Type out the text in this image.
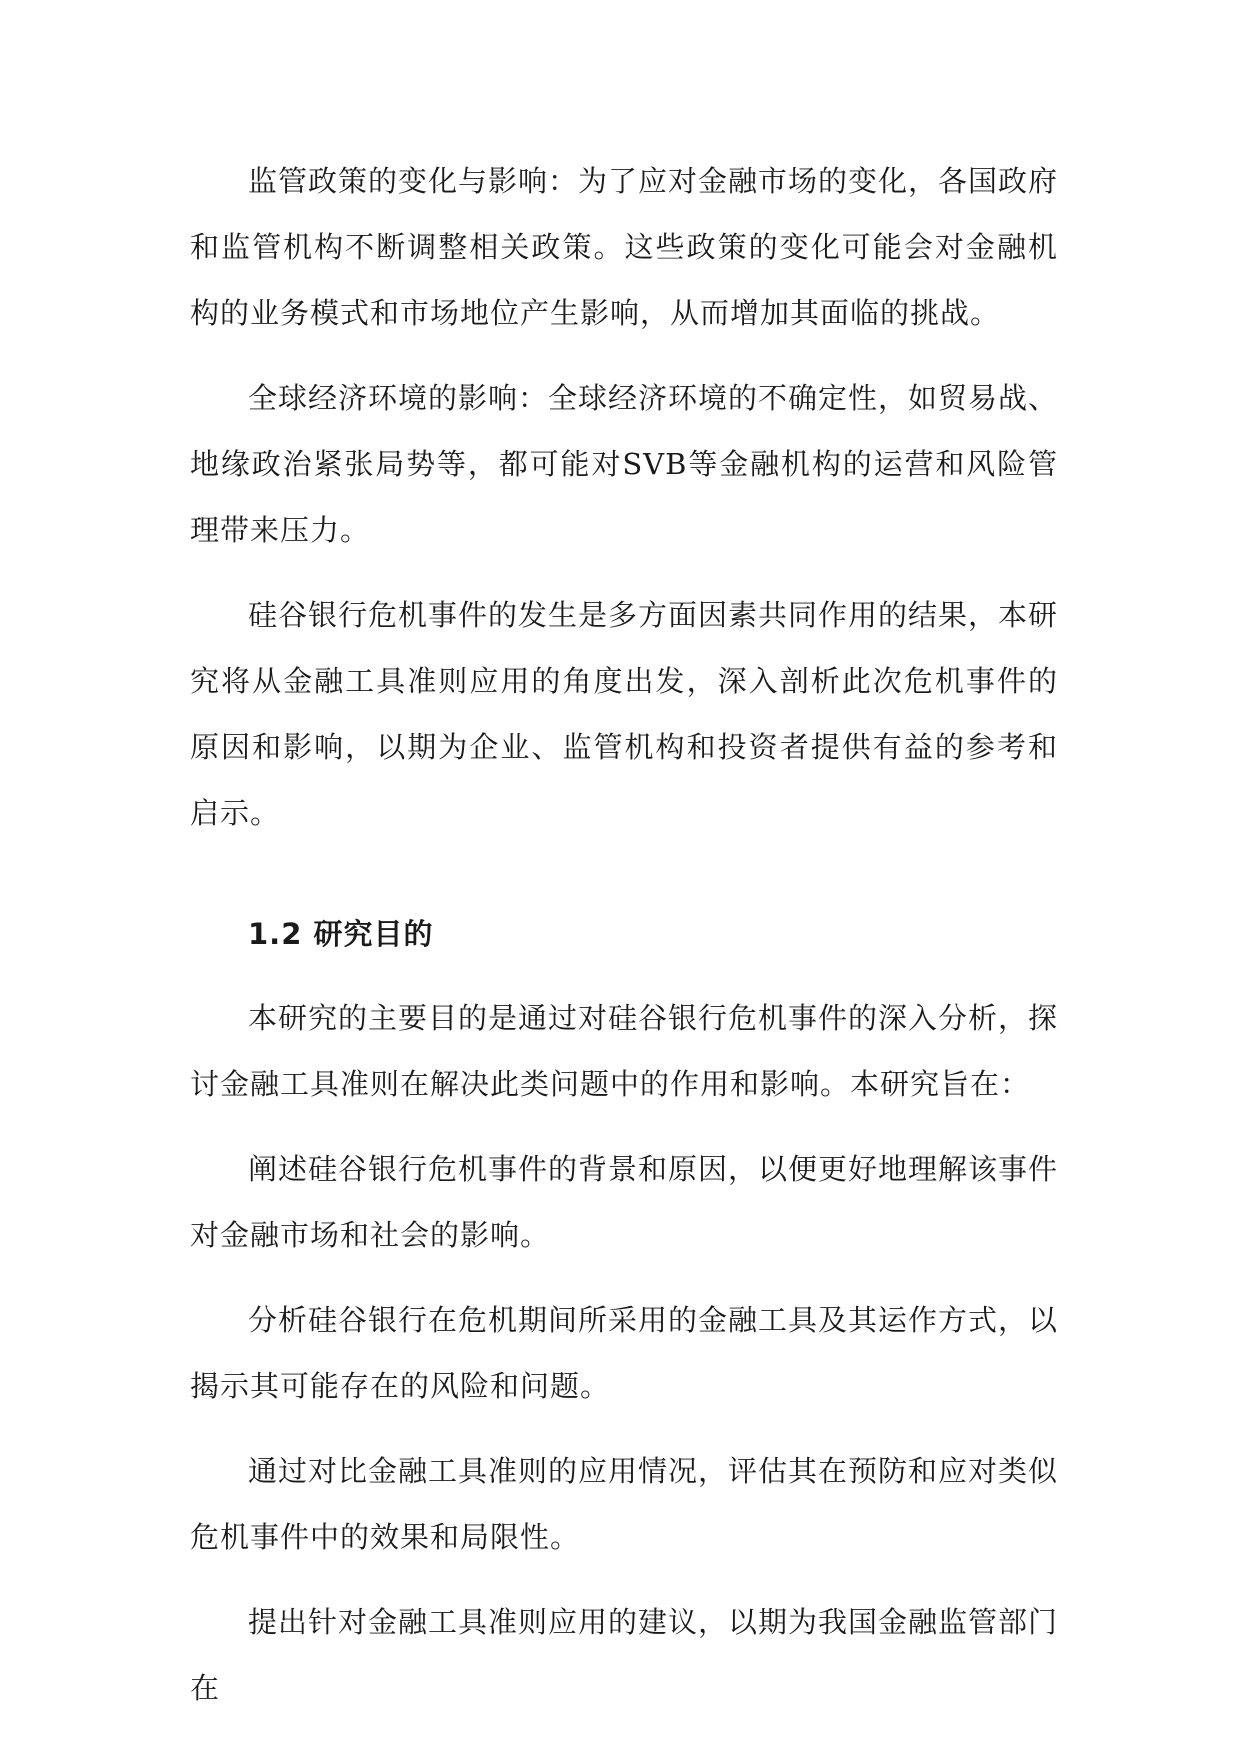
监管政策的变化与影响：为了应对金融市场的变化，各国政府和监管机构不断调整相关政策。这些政策的变化可能会对金融机构的业务模式和市场地位产生影响，从而增加其面临的挑战。

全球经济环境的影响：全球经济环境的不确定性，如贸易战、地缘政治紧张局势等，都可能对SVB等金融机构的运营和风险管理带来压力。

硅谷银行危机事件的发生是多方面因素共同作用的结果，本研究将从金融工具准则应用的角度出发，深入剖析此次危机事件的原因和影响，以期为企业、监管机构和投资者提供有益的参考和启示。

1.2 研究目的

本研究的主要目的是通过对硅谷银行危机事件的深入分析，探讨金融工具准则在解决此类问题中的作用和影响。本研究旨在：

阐述硅谷银行危机事件的背景和原因，以便更好地理解该事件对金融市场和社会的影响。

分析硅谷银行在危机期间所采用的金融工具及其运作方式，以揭示其可能存在的风险和问题。

通过对比金融工具准则的应用情况，评估其在预防和应对类似危机事件中的效果和局限性。

提出针对金融工具准则应用的建议，以期为我国金融监管部门在
